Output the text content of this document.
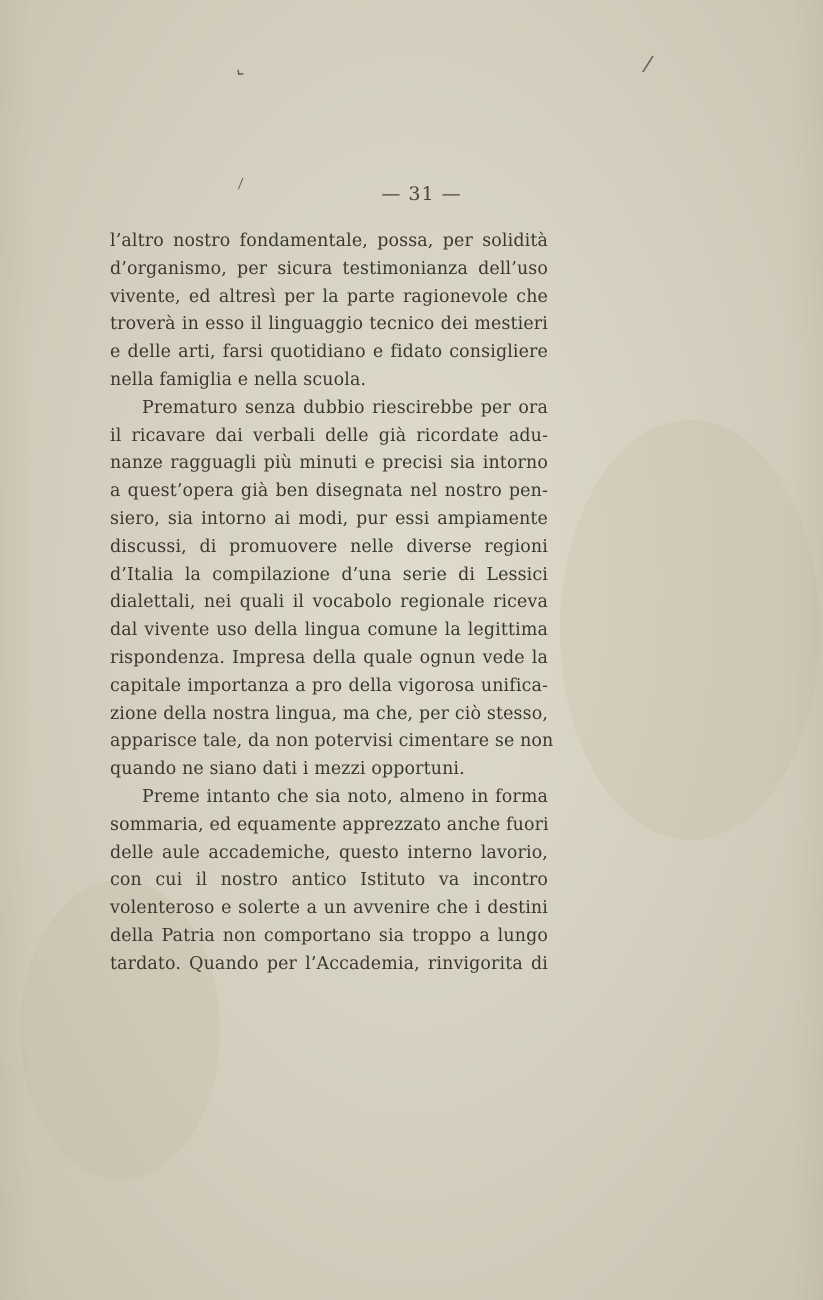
⌄	/
\	— 31 —
l’altro nostro fondamentale, possa, per solidità
d’organismo, per sicura testimonianza dell’uso
vivente, ed altresì per la parte ragionevole che
troverà in esso il linguaggio tecnico dei mestieri
e delle arti, farsi quotidiano e fidato consigliere
nella famiglia e nella scuola.
Prematuro senza dubbio riescirebbe per ora
il ricavare dai verbali delle già ricordate adu-
nanze ragguagli più minuti e precisi sia intorno
a quest’opera già ben disegnata nel nostro pen-
siero, sia intorno ai modi, pur essi ampiamente
discussi, di promuovere nelle diverse regioni
d’Italia la compilazione d’una serie di Lessici
dialettali, nei quali il vocabolo regionale riceva
dal vivente uso della lingua comune la legittima
rispondenza. Impresa della quale ognun vede la
capitale importanza a pro della vigorosa unifica-
zione della nostra lingua, ma che, per ciò stesso,
apparisce tale, da non potervisi cimentare se non
quando ne siano dati i mezzi opportuni.
Preme intanto che sia noto, almeno in forma
sommaria, ed equamente apprezzato anche fuori
delle aule accademiche, questo interno lavorio,
con cui il nostro antico Istituto va incontro
volenteroso e solerte a un avvenire che i destini
della Patria non comportano sia troppo a lungo
tardato. Quando per l’Accademia, rinvigorita di
